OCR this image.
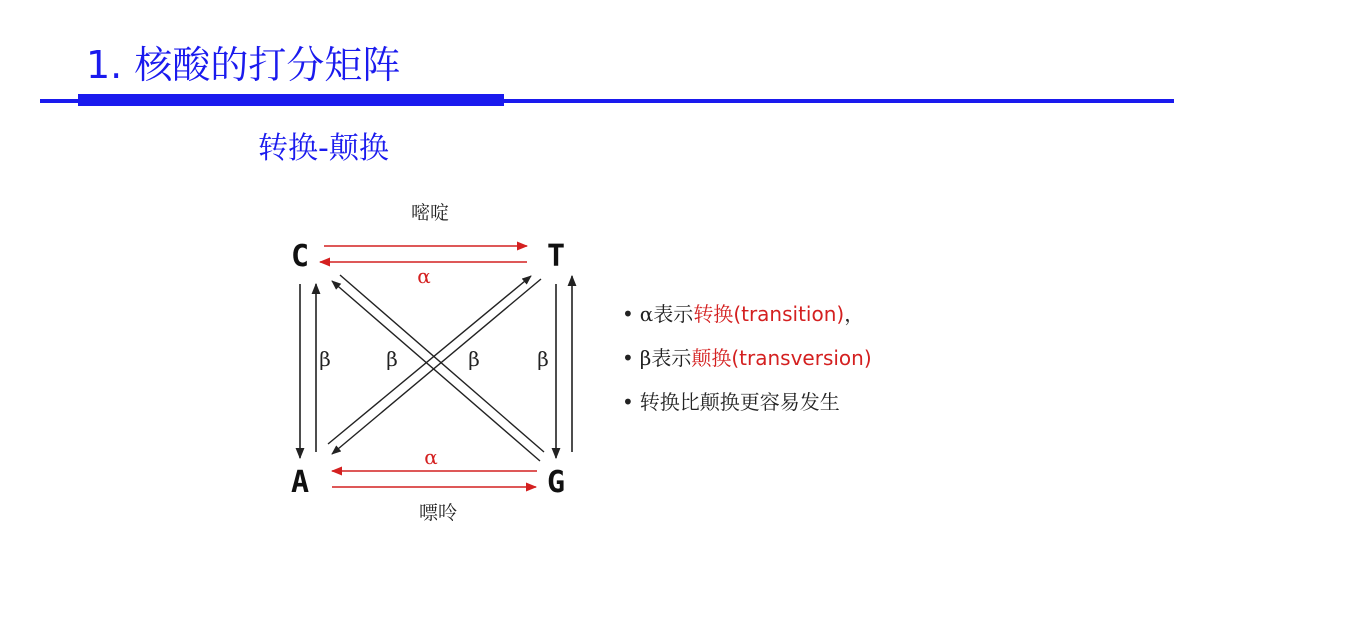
1. 核酸的打分矩阵
转换-颠换
嘧啶
嘌呤
C	T
A	G
α
α
β	β
β
β
• α表示转换(transition)，
• β表示颠换(transversion)
• 转换比颠换更容易发生
